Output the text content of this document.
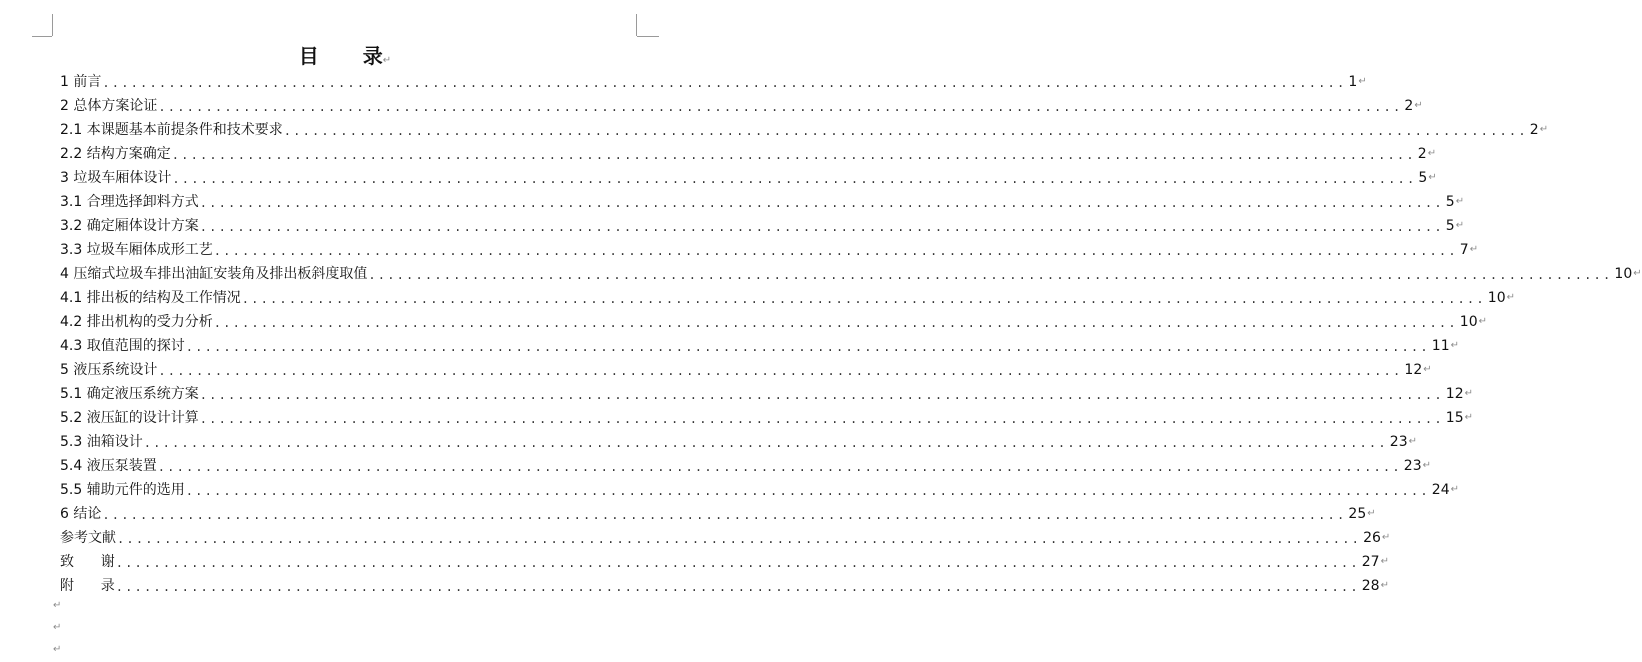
目 录↵
1 前言 .................................................................................................................................... 1 ↵
2 总体方案论证 .................................................................................................................................... 2 ↵
2.1 本课题基本前提条件和技术要求 .................................................................................................................................... 2 ↵
2.2 结构方案确定 .................................................................................................................................... 2 ↵
3 垃圾车厢体设计 .................................................................................................................................... 5 ↵
3.1 合理选择卸料方式 .................................................................................................................................... 5 ↵
3.2 确定厢体设计方案 .................................................................................................................................... 5 ↵
3.3 垃圾车厢体成形工艺 .................................................................................................................................... 7 ↵
4 压缩式垃圾车排出油缸安装角及排出板斜度取值 .................................................................................................................................... 10 ↵
4.1 排出板的结构及工作情况 .................................................................................................................................... 10 ↵
4.2 排出机构的受力分析 .................................................................................................................................... 10 ↵
4.3 取值范围的探讨 .................................................................................................................................... 11 ↵
5 液压系统设计 .................................................................................................................................... 12 ↵
5.1 确定液压系统方案 .................................................................................................................................... 12 ↵
5.2 液压缸的设计计算 .................................................................................................................................... 15 ↵
5.3 油箱设计 .................................................................................................................................... 23 ↵
5.4 液压泵装置 .................................................................................................................................... 23 ↵
5.5 辅助元件的选用 .................................................................................................................................... 24 ↵
6 结论 .................................................................................................................................... 25 ↵
参考文献 .................................................................................................................................... 26 ↵
致      谢 .................................................................................................................................... 27 ↵
附      录 .................................................................................................................................... 28 ↵
↵
↵
↵
